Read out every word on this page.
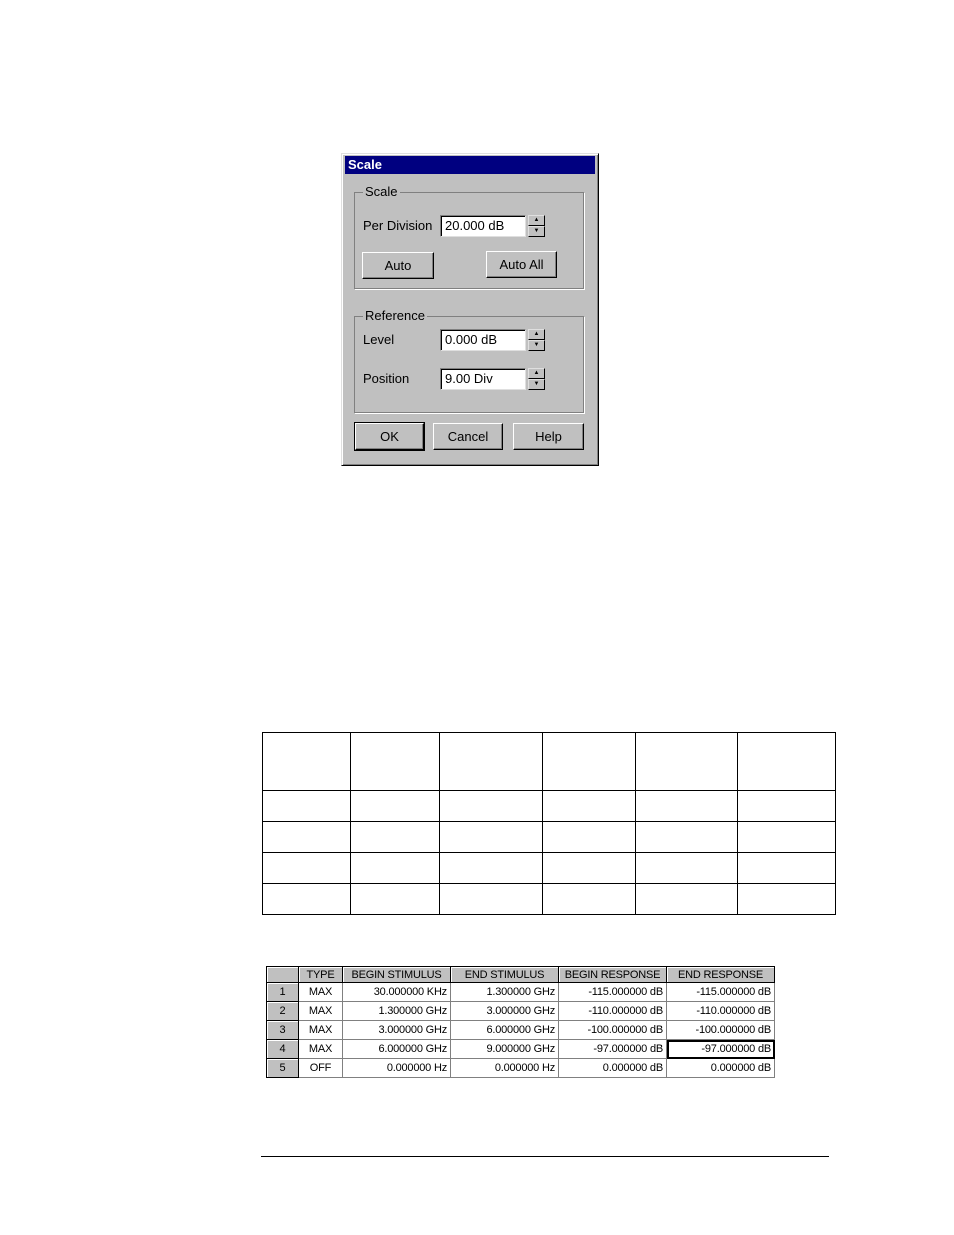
Scale
Scale
Per Division 20.000 dB	▲
▼
Auto	Auto All
Reference
Level	0.000 dB	▲
▼
Position	9.00 Div	▲
▼
OK	Cancel	Help

	TYPE	BEGIN STIMULUS	END STIMULUS	BEGIN RESPONSE	END RESPONSE
1	MAX	30.000000 KHz	1.300000 GHz	-115.000000 dB	-115.000000 dB
2	MAX	1.300000 GHz	3.000000 GHz	-110.000000 dB	-110.000000 dB
3	MAX	3.000000 GHz	6.000000 GHz	-100.000000 dB	-100.000000 dB
4	MAX	6.000000 GHz	9.000000 GHz	-97.000000 dB	-97.000000 dB
5	OFF	0.000000 Hz	0.000000 Hz	0.000000 dB	0.000000 dB
